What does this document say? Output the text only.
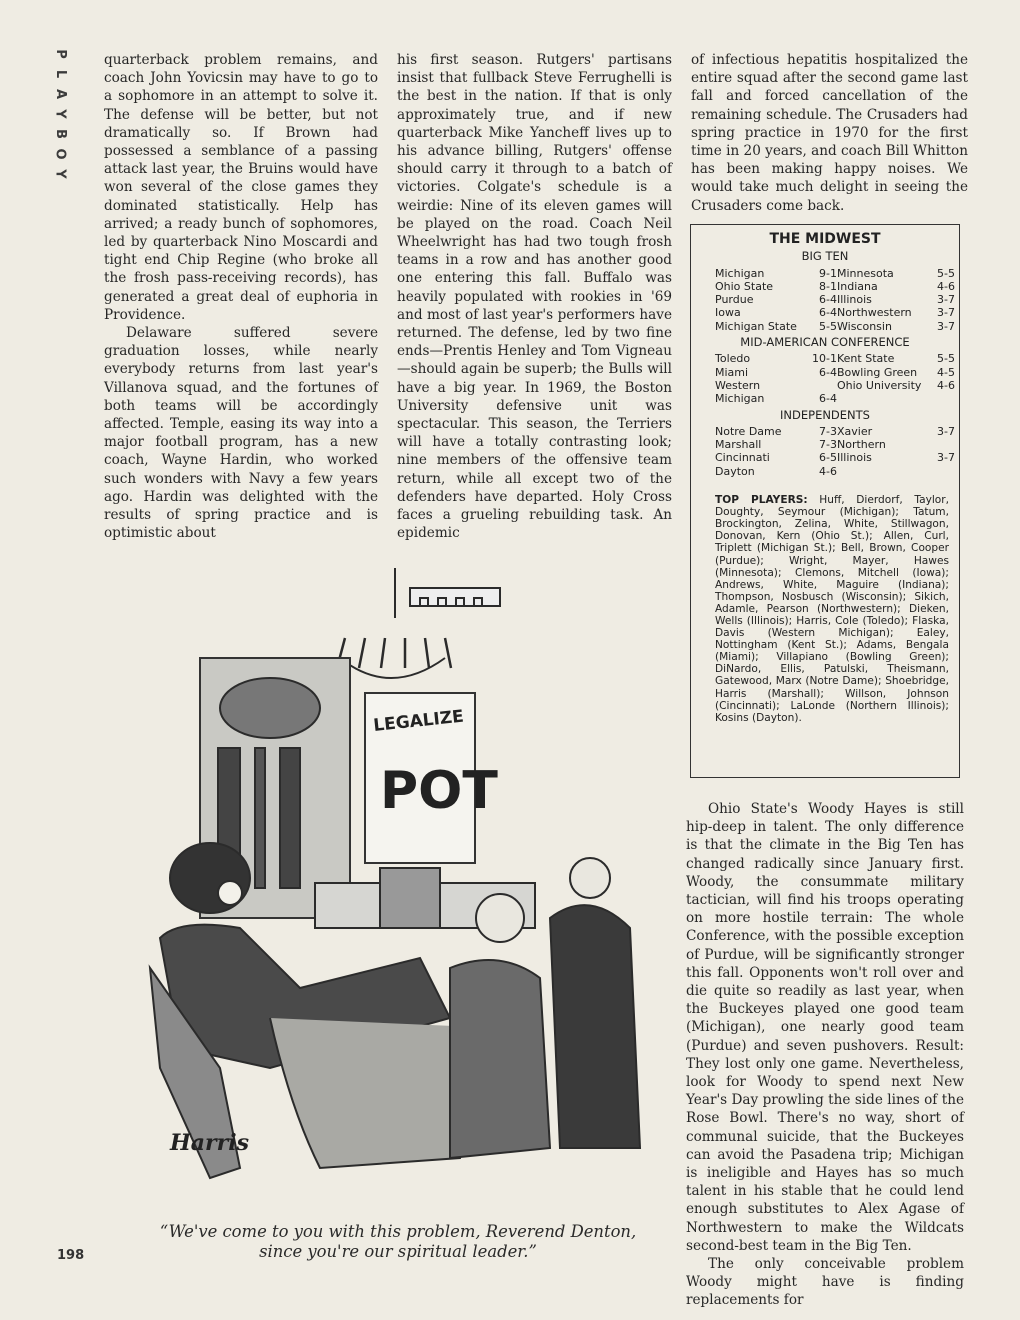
P
L
A
Y
B
O
Y

quarterback problem remains, and coach John Yovicsin may have to go to a sophomore in an attempt to solve it. The defense will be better, but not dramatically so. If Brown had possessed a semblance of a passing attack last year, the Bruins would have won several of the close games they dominated statistically. Help has arrived; a ready bunch of sophomores, led by quarterback Nino Moscardi and tight end Chip Regine (who broke all the frosh pass-receiving records), has generated a great deal of euphoria in Providence.

Delaware suffered severe graduation losses, while nearly everybody returns from last year's Villanova squad, and the fortunes of both teams will be accordingly affected. Temple, easing its way into a major football program, has a new coach, Wayne Hardin, who worked such wonders with Navy a few years ago. Hardin was delighted with the results of spring practice and is optimistic about

his first season. Rutgers' partisans insist that fullback Steve Ferrughelli is the best in the nation. If that is only approximately true, and if new quarterback Mike Yancheff lives up to his advance billing, Rutgers' offense should carry it through to a batch of victories. Colgate's schedule is a weirdie: Nine of its eleven games will be played on the road. Coach Neil Wheelwright has had two tough frosh teams in a row and has another good one entering this fall. Buffalo was heavily populated with rookies in '69 and most of last year's performers have returned. The defense, led by two fine ends—Prentis Henley and Tom Vigneau—should again be superb; the Bulls will have a big year. In 1969, the Boston University defensive unit was spectacular. This season, the Terriers will have a totally contrasting look; nine members of the offensive team return, while all except two of the defenders have departed. Holy Cross faces a grueling rebuilding task. An epidemic

of infectious hepatitis hospitalized the entire squad after the second game last fall and forced cancellation of the remaining schedule. The Crusaders had spring practice in 1970 for the first time in 20 years, and coach Bill Whitton has been making happy noises. We would take much delight in seeing the Crusaders come back.

THE MIDWEST
BIG TEN
Michigan	9-1 Minnesota	5-5
Ohio State	8-1 Indiana	4-6
Purdue	6-4 Illinois	3-7
Iowa	6-4 Northwestern	3-7
Michigan State	5-5 Wisconsin	3-7
MID-AMERICAN CONFERENCE
Toledo	10-1 Kent State	5-5
Miami	6-4 Bowling Green	4-5
Western	Ohio University	4-6
Michigan	6-4
INDEPENDENTS
Notre Dame	7-3 Xavier	3-7
Marshall	7-3 Northern
Cincinnati	6-5 Illinois	3-7
Dayton	4-6
TOP PLAYERS: Huff, Dierdorf, Taylor, Doughty, Seymour (Michigan); Tatum, Brockington, Zelina, White, Stillwagon, Donovan, Kern (Ohio St.); Allen, Curl, Triplett (Michigan St.); Bell, Brown, Cooper (Purdue); Wright, Mayer, Hawes (Minnesota); Clemons, Mitchell (Iowa); Andrews, White, Maguire (Indiana); Thompson, Nosbusch (Wisconsin); Sikich, Adamle, Pearson (Northwestern); Dieken, Wells (Illinois); Harris, Cole (Toledo); Flaska, Davis (Western Michigan); Ealey, Nottingham (Kent St.); Adams, Bengala (Miami); Villapiano (Bowling Green); DiNardo, Ellis, Patulski, Theismann, Gatewood, Marx (Notre Dame); Shoebridge, Harris (Marshall); Willson, Johnson (Cincinnati); LaLonde (Northern Illinois); Kosins (Dayton).
LEGALIZE
POT
Harris
“We've come to you with this problem, Reverend Denton, since you're our spiritual leader.”
198

Ohio State's Woody Hayes is still hip-deep in talent. The only difference is that the climate in the Big Ten has changed radically since January first. Woody, the consummate military tactician, will find his troops operating on more hostile terrain: The whole Conference, with the possible exception of Purdue, will be significantly stronger this fall. Opponents won't roll over and die quite so readily as last year, when the Buckeyes played one good team (Michigan), one nearly good team (Purdue) and seven pushovers. Result: They lost only one game. Nevertheless, look for Woody to spend next New Year's Day prowling the side lines of the Rose Bowl. There's no way, short of communal suicide, that the Buckeyes can avoid the Pasadena trip; Michigan is ineligible and Hayes has so much talent in his stable that he could lend enough substitutes to Alex Agase of Northwestern to make the Wildcats second-best team in the Big Ten.

The only conceivable problem Woody might have is finding replacements for
